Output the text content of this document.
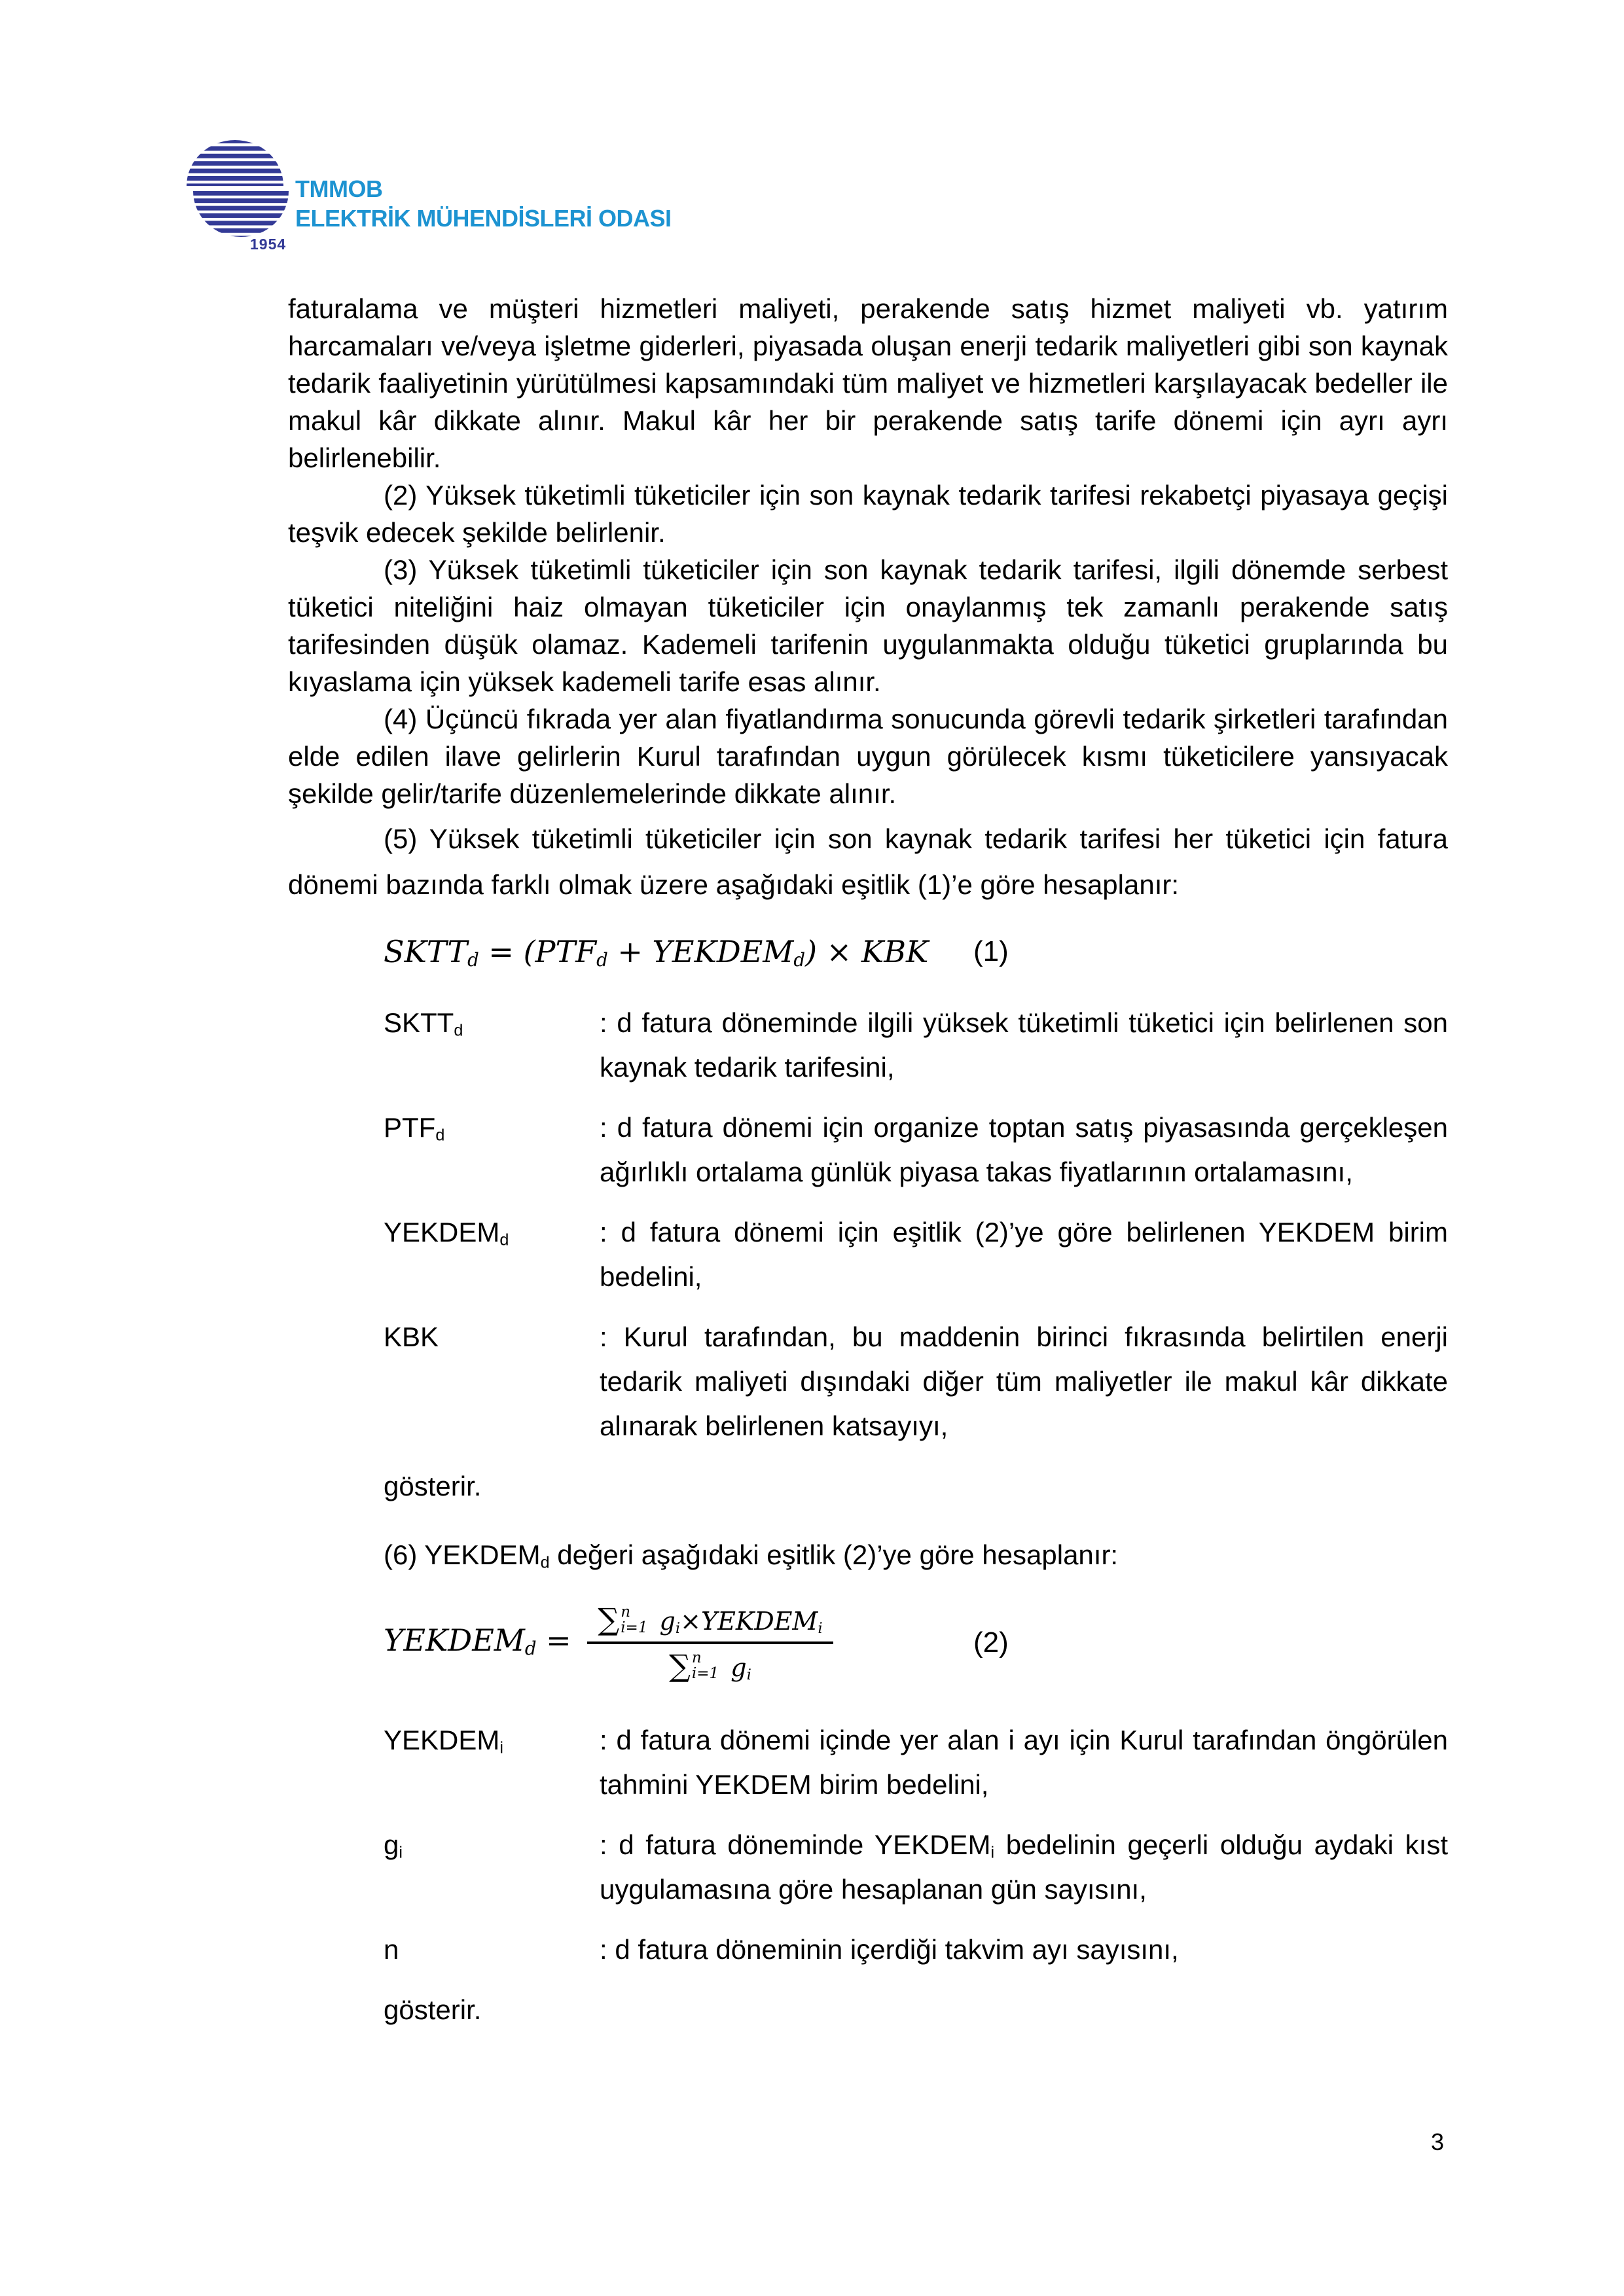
1954
TMMOB
ELEKTRİK MÜHENDİSLERİ ODASI

faturalama ve müşteri hizmetleri maliyeti, perakende satış hizmet maliyeti vb. yatırım harcamaları ve/veya işletme giderleri, piyasada oluşan enerji tedarik maliyetleri gibi son kaynak tedarik faaliyetinin yürütülmesi kapsamındaki tüm maliyet ve hizmetleri karşılayacak bedeller ile makul kâr dikkate alınır. Makul kâr her bir perakende satış tarife dönemi için ayrı ayrı belirlenebilir.

(2) Yüksek tüketimli tüketiciler için son kaynak tedarik tarifesi rekabetçi piyasaya geçişi teşvik edecek şekilde belirlenir.

(3) Yüksek tüketimli tüketiciler için son kaynak tedarik tarifesi, ilgili dönemde serbest tüketici niteliğini haiz olmayan tüketiciler için onaylanmış tek zamanlı perakende satış tarifesinden düşük olamaz. Kademeli tarifenin uygulanmakta olduğu tüketici gruplarında bu kıyaslama için yüksek kademeli tarife esas alınır.

(4) Üçüncü fıkrada yer alan fiyatlandırma sonucunda görevli tedarik şirketleri tarafından elde edilen ilave gelirlerin Kurul tarafından uygun görülecek kısmı tüketicilere yansıyacak şekilde gelir/tarife düzenlemelerinde dikkate alınır.

(5) Yüksek tüketimli tüketiciler için son kaynak tedarik tarifesi her tüketici için fatura dönemi bazında farklı olmak üzere aşağıdaki eşitlik (1)’e göre hesaplanır:

$SKTT_d = (PTF_d$ + $YEKDEM_d$) × KBK (1)
$SKTT_d$	: d fatura döneminde ilgili yüksek tüketimli tüketici için belirlenen son kaynak tedarik tarifesini,
$PTF_d$	: d fatura dönemi için organize toptan satış piyasasında gerçekleşen ağırlıklı ortalama günlük piyasa takas fiyatlarının ortalamasını,
$YEKDEM_d$	: d fatura dönemi için eşitlik (2)’ye göre belirlenen YEKDEM birim bedelini,
KBK	: Kurul tarafından, bu maddenin birinci fıkrasında belirtilen enerji tedarik maliyeti dışındaki diğer tüm maliyetler ile makul kâr dikkate alınarak belirlenen katsayıyı,

gösterir.

(6) $YEKDEM_d$ değeri aşağıdaki eşitlik (2)’ye göre hesaplanır:

$YEKDEM_d$ =
∑ n
i=1 $g_i\times YEKDEM_i$
∑ n
i=1 $g_i$
(2)
$YEKDEM_i$	: d fatura dönemi içinde yer alan i ayı için Kurul tarafından öngörülen tahmini YEKDEM birim bedelini,
$g_i$	: d fatura döneminde $YEKDEM_i$ bedelinin geçerli olduğu aydaki kıst uygulamasına göre hesaplanan gün sayısını,
n	: d fatura döneminin içerdiği takvim ayı sayısını,

gösterir.

3
